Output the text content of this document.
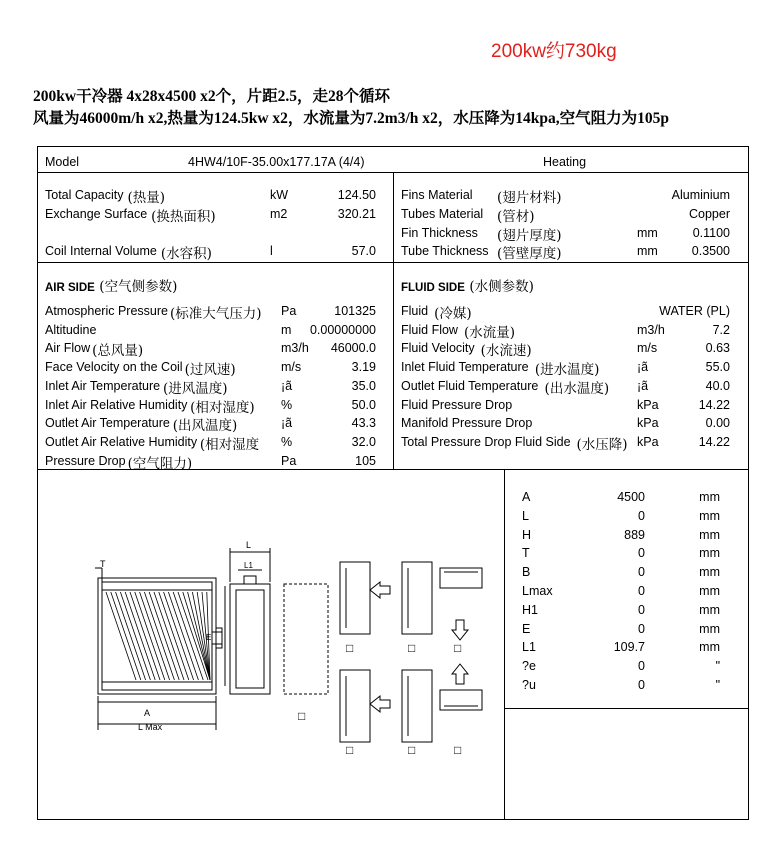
200kw约730kg
200kw干冷器 4x28x4500 x2个，片距2.5，走28个循环
风量为46000m/h x2,热量为124.5kw x2，水流量为7.2m3/h x2，水压降为14kpa,空气阻力为105p
Model	4HW4/10F-35.00x177.17A (4/4)	Heating
Total Capacity (热量)	kW	124.50
Exchange Surface (换热面积)	m2	320.21
Coil Internal Volume (水容积)	l	57.0
Fins Material (翅片材料)	Aluminium
Tubes Material (管材)	Copper
Fin Thickness (翅片厚度)	mm	0.1100
Tube Thickness (管壁厚度)	mm	0.3500
AIR SIDE (空气侧参数)	FLUID SIDE (水侧参数)
Atmospheric Pressure (标准大气压力) Pa	101325
Altitudine	m	0.00000000
Air Flow (总风量)	m3/h	46000.0
Face Velocity on the Coil (过风速)	m/s	3.19
Inlet Air Temperature (进风温度)	¡ã	35.0
Inlet Air Relative Humidity (相对湿度) %	50.0
Outlet Air Temperature (出风温度)	¡ã	43.3
Outlet Air Relative Humidity (相对湿度 %	32.0
Pressure Drop (空气阻力)	Pa	105
Fluid (冷媒)	WATER (PL)
Fluid Flow (水流量)	m3/h	7.2
Fluid Velocity (水流速)	m/s	0.63
Inlet Fluid Temperature (进水温度)	¡ã	55.0
Outlet Fluid Temperature (出水温度) ¡ã	40.0
Fluid Pressure Drop	kPa	14.22
Manifold Pressure Drop	kPa	0.00
Total Pressure Drop Fluid Side (水压降) kPa	14.22
A	4500	mm
L	0	mm
H	889	mm
T	0	mm
B	0	mm
Lmax	0	mm
H1	0	mm
E	0	mm
L1	109.7	mm
?e	0	"
?u	0	"
T
A
L Max
E
L
L1
□	□	□
□
□	□	□
